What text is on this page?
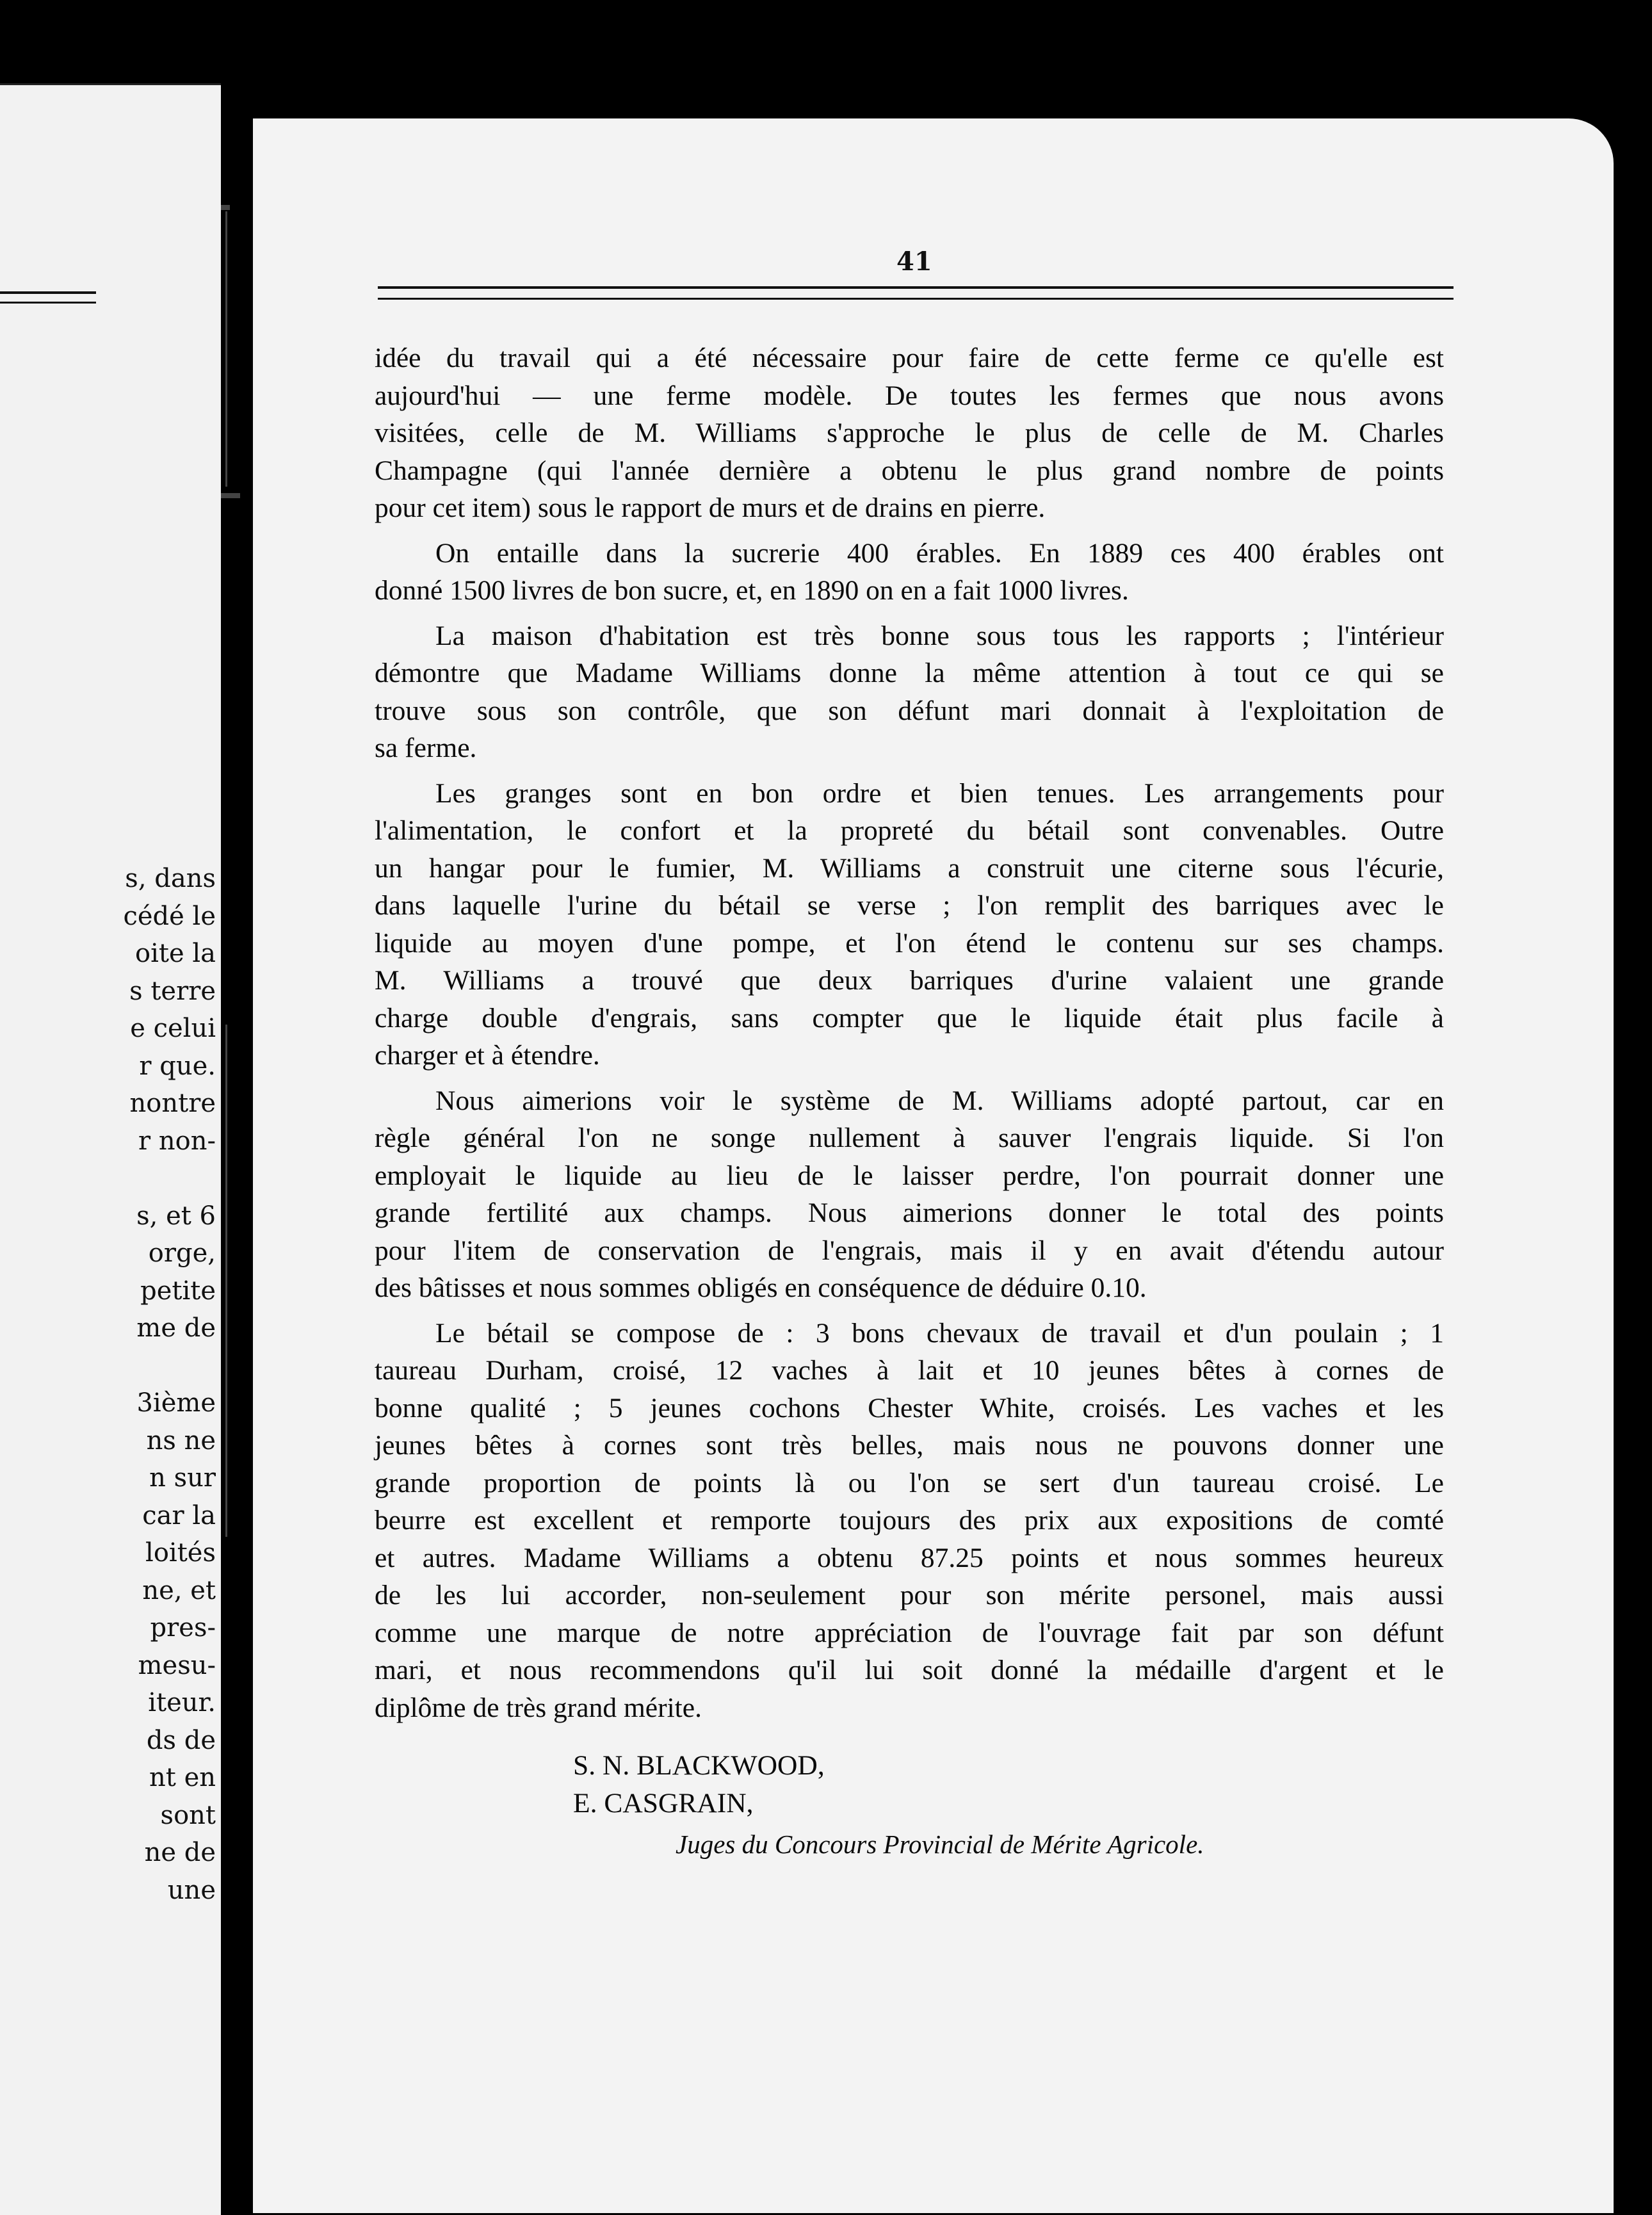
s, dans
cédé le
oite la
s terre
e celui
r que.
nontre
r non-
s, et 6
orge,
petite
me de
3ième
ns ne
n sur
car la
loités
ne, et
pres-
mesu-
iteur.
ds de
nt en
sont
ne de
une
41
idée du travail qui a été nécessaire pour faire de cette ferme ce qu'elle est
aujourd'hui — une ferme modèle. De toutes les fermes que nous avons
visitées, celle de M. Williams s'approche le plus de celle de M. Charles
Champagne (qui l'année dernière a obtenu le plus grand nombre de points
pour cet item) sous le rapport de murs et de drains en pierre.
On entaille dans la sucrerie 400 érables. En 1889 ces 400 érables ont
donné 1500 livres de bon sucre, et, en 1890 on en a fait 1000 livres.
La maison d'habitation est très bonne sous tous les rapports ; l'intérieur
démontre que Madame Williams donne la même attention à tout ce qui se
trouve sous son contrôle, que son défunt mari donnait à l'exploitation de
sa ferme.
Les granges sont en bon ordre et bien tenues. Les arrangements pour
l'alimentation, le confort et la propreté du bétail sont convenables. Outre
un hangar pour le fumier, M. Williams a construit une citerne sous l'écurie,
dans laquelle l'urine du bétail se verse ; l'on remplit des barriques avec le
liquide au moyen d'une pompe, et l'on étend le contenu sur ses champs.
M. Williams a trouvé que deux barriques d'urine valaient une grande
charge double d'engrais, sans compter que le liquide était plus facile à
charger et à étendre.
Nous aimerions voir le système de M. Williams adopté partout, car en
règle général l'on ne songe nullement à sauver l'engrais liquide. Si l'on
employait le liquide au lieu de le laisser perdre, l'on pourrait donner une
grande fertilité aux champs. Nous aimerions donner le total des points
pour l'item de conservation de l'engrais, mais il y en avait d'étendu autour
des bâtisses et nous sommes obligés en conséquence de déduire 0.10.
Le bétail se compose de : 3 bons chevaux de travail et d'un poulain ; 1
taureau Durham, croisé, 12 vaches à lait et 10 jeunes bêtes à cornes de
bonne qualité ; 5 jeunes cochons Chester White, croisés. Les vaches et les
jeunes bêtes à cornes sont très belles, mais nous ne pouvons donner une
grande proportion de points là ou l'on se sert d'un taureau croisé. Le
beurre est excellent et remporte toujours des prix aux expositions de comté
et autres. Madame Williams a obtenu 87.25 points et nous sommes heureux
de les lui accorder, non-seulement pour son mérite personel, mais aussi
comme une marque de notre appréciation de l'ouvrage fait par son défunt
mari, et nous recommendons qu'il lui soit donné la médaille d'argent et le
diplôme de très grand mérite.
Juges du Concours Provincial de Mérite Agricole.
S. N. BLACKWOOD,
E. CASGRAIN,
